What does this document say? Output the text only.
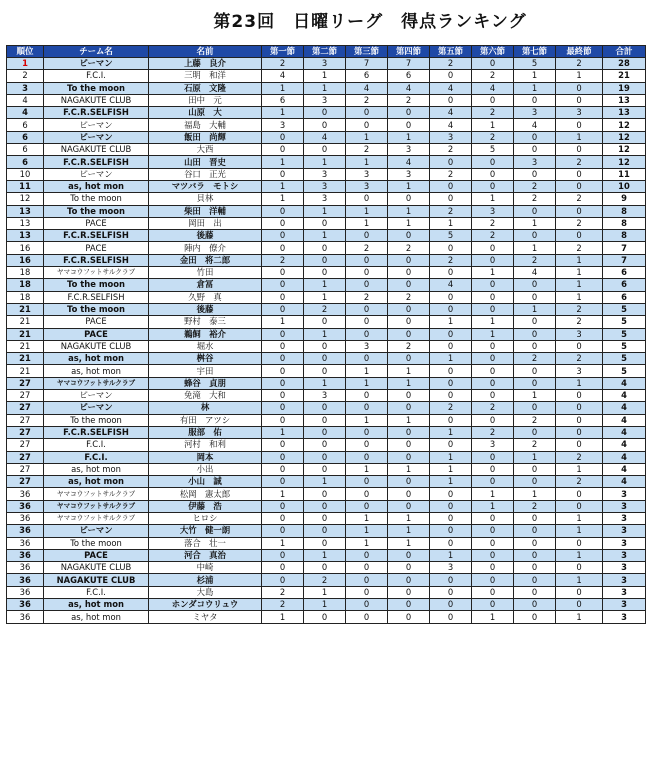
第23回　日曜リーグ　得点ランキング
順位	チーム名	名前	第一節	第二節	第三節	第四節	第五節	第六節	第七節	最終節	合計
1	ピーマン	上藤　良介	2	3	7	7	2	0	5	2	28
2	F.C.I.	三明　和洋	4	1	6	6	0	2	1	1	21
3	To the moon	石原　文隆	1	1	4	4	4	4	1	0	19
4	NAGAKUTE CLUB	田中　元	6	3	2	2	0	0	0	0	13
4	F.C.R.SELFISH	山原　大	1	0	0	0	4	2	3	3	13
6	ピーマン	福島　大輔	3	0	0	0	4	1	4	0	12
6	ピーマン	飯田　尚輝	0	4	1	1	3	2	0	1	12
6	NAGAKUTE CLUB	大西	0	0	2	3	2	5	0	0	12
6	F.C.R.SELFISH	山田　晋史	1	1	1	4	0	0	3	2	12
10	ピーマン	谷口　正光	0	3	3	3	2	0	0	0	11
11	as, hot mon	マツバラ　モトシ	1	3	3	1	0	0	2	0	10
12	To the moon	貝林	1	3	0	0	0	1	2	2	9
13	To the moon	柴田　洋輔	0	1	1	1	2	3	0	0	8
13	PACE	岡田　出	0	0	1	1	1	2	1	2	8
13	F.C.R.SELFISH	後藤	0	1	0	0	5	2	0	0	8
16	PACE	陣内　僚介	0	0	2	2	0	0	1	2	7
16	F.C.R.SELFISH	金田　将二郎	2	0	0	0	2	0	2	1	7
18	ヤマコウフットサルクラブ	竹田	0	0	0	0	0	1	4	1	6
18	To the moon	倉冨	0	1	0	0	4	0	0	1	6
18	F.C.R.SELFISH	久野　真	0	1	2	2	0	0	0	1	6
21	To the moon	後藤	0	2	0	0	0	0	1	2	5
21	PACE	野村　泰三	1	0	0	0	1	1	0	2	5
21	PACE	鵜飼　裕介	0	1	0	0	0	1	0	3	5
21	NAGAKUTE CLUB	堀水	0	0	3	2	0	0	0	0	5
21	as, hot mon	桝谷	0	0	0	0	1	0	2	2	5
21	as, hot mon	宇田	0	0	1	1	0	0	0	3	5
27	ヤマコウフットサルクラブ	蜂谷　貞朋	0	1	1	1	0	0	0	1	4
27	ピーマン	免滝　大和	0	3	0	0	0	0	1	0	4
27	ピーマン	林	0	0	0	0	2	2	0	0	4
27	To the moon	有田　アツシ	0	0	1	1	0	0	2	0	4
27	F.C.R.SELFISH	服部　佑	1	0	0	0	1	2	0	0	4
27	F.C.I.	河村　和利	0	0	0	0	0	3	2	0	4
27	F.C.I.	岡本	0	0	0	0	1	0	1	2	4
27	as, hot mon	小出	0	0	1	1	1	0	0	1	4
27	as, hot mon	小山　誠	0	1	0	0	1	0	0	2	4
36	ヤマコウフットサルクラブ	松岡　憲太郎	1	0	0	0	0	1	1	0	3
36	ヤマコウフットサルクラブ	伊藤　浩	0	0	0	0	0	1	2	0	3
36	ヤマコウフットサルクラブ	ヒロシ	0	0	1	1	0	0	0	1	3
36	ピーマン	大竹　健一朗	0	0	1	1	0	0	0	1	3
36	To the moon	落合　壮一	1	0	1	1	0	0	0	0	3
36	PACE	河合　真治	0	1	0	0	1	0	0	1	3
36	NAGAKUTE CLUB	中崎	0	0	0	0	3	0	0	0	3
36	NAGAKUTE CLUB	杉浦	0	2	0	0	0	0	0	1	3
36	F.C.I.	大島	2	1	0	0	0	0	0	0	3
36	as, hot mon	ホンダコウリュウ	2	1	0	0	0	0	0	0	3
36	as, hot mon	ミヤタ	1	0	0	0	0	1	0	1	3
